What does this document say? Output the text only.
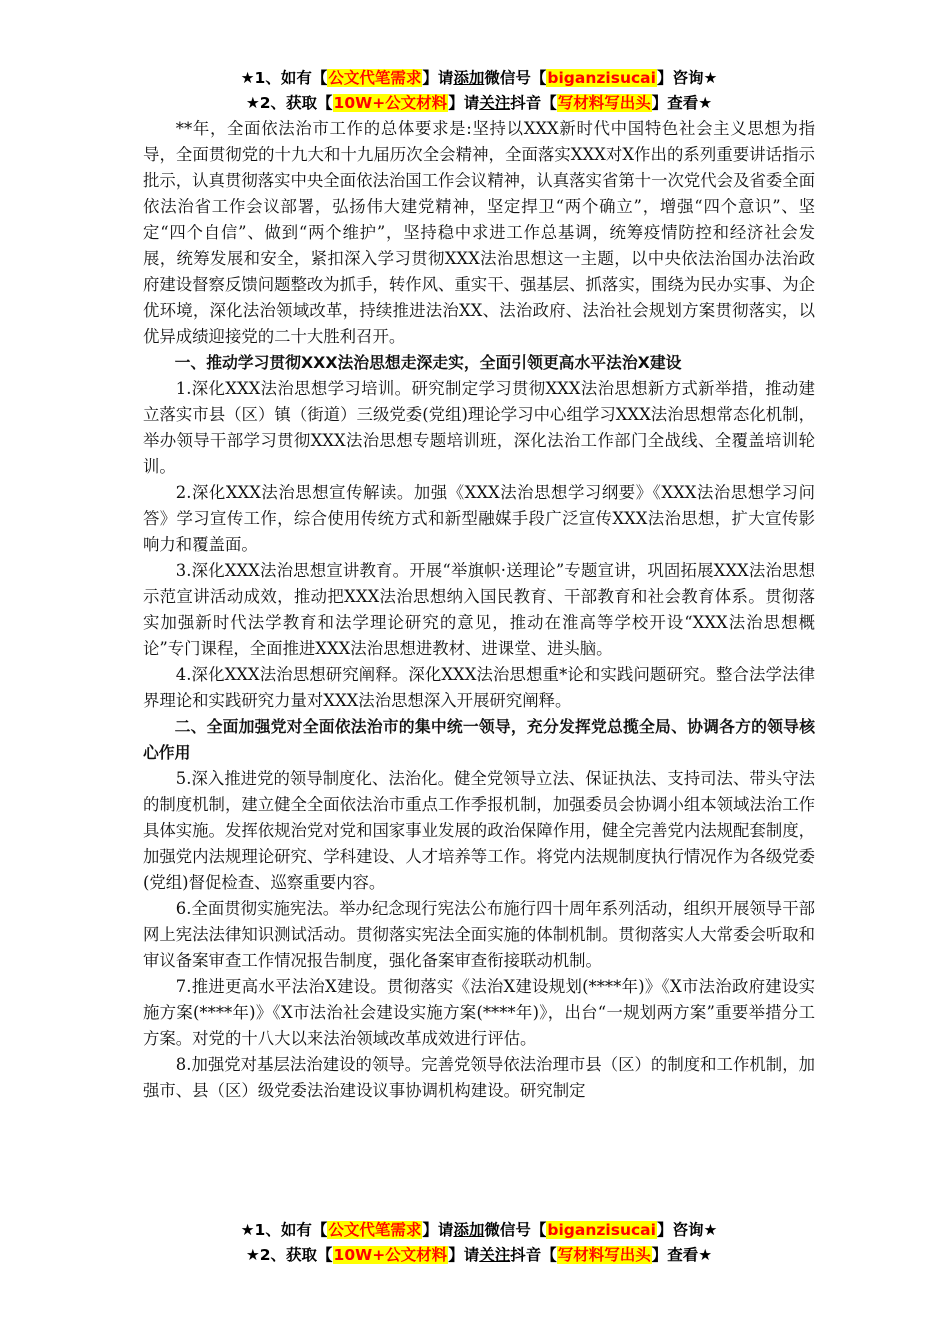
★1、如有【公文代笔需求】请添加微信号【biganzisucai】咨询★
★2、获取【10W+公文材料】请关注抖音【写材料写出头】查看★

**年，全面依法治市工作的总体要求是:坚持以XXX新时代中国特色社会主义思想为指导，全面贯彻党的十九大和十九届历次全会精神，全面落实XXX对X作出的系列重要讲话指示批示，认真贯彻落实中央全面依法治国工作会议精神，认真落实省第十一次党代会及省委全面依法治省工作会议部署，弘扬伟大建党精神，坚定捍卫“两个确立”，增强“四个意识”、坚定“四个自信”、做到“两个维护”，坚持稳中求进工作总基调，统筹疫情防控和经济社会发展，统筹发展和安全，紧扣深入学习贯彻XXX法治思想这一主题，以中央依法治国办法治政府建设督察反馈问题整改为抓手，转作风、重实干、强基层、抓落实，围绕为民办实事、为企优环境，深化法治领域改革，持续推进法治XX、法治政府、法治社会规划方案贯彻落实，以优异成绩迎接党的二十大胜利召开。

一、推动学习贯彻XXX法治思想走深走实，全面引领更高水平法治X建设

1.深化XXX法治思想学习培训。研究制定学习贯彻XXX法治思想新方式新举措，推动建立落实市县（区）镇（街道）三级党委(党组)理论学习中心组学习XXX法治思想常态化机制，举办领导干部学习贯彻XXX法治思想专题培训班，深化法治工作部门全战线、全覆盖培训轮训。

2.深化XXX法治思想宣传解读。加强《XXX法治思想学习纲要》《XXX法治思想学习问答》学习宣传工作，综合使用传统方式和新型融媒手段广泛宣传XXX法治思想，扩大宣传影响力和覆盖面。

3.深化XXX法治思想宣讲教育。开展“举旗帜·送理论”专题宣讲，巩固拓展XXX法治思想示范宣讲活动成效，推动把XXX法治思想纳入国民教育、干部教育和社会教育体系。贯彻落实加强新时代法学教育和法学理论研究的意见，推动在淮高等学校开设“XXX法治思想概论”专门课程，全面推进XXX法治思想进教材、进课堂、进头脑。

4.深化XXX法治思想研究阐释。深化XXX法治思想重*论和实践问题研究。整合法学法律界理论和实践研究力量对XXX法治思想深入开展研究阐释。

二、全面加强党对全面依法治市的集中统一领导，充分发挥党总揽全局、协调各方的领导核心作用

5.深入推进党的领导制度化、法治化。健全党领导立法、保证执法、支持司法、带头守法的制度机制，建立健全全面依法治市重点工作季报机制，加强委员会协调小组本领域法治工作具体实施。发挥依规治党对党和国家事业发展的政治保障作用，健全完善党内法规配套制度，加强党内法规理论研究、学科建设、人才培养等工作。将党内法规制度执行情况作为各级党委(党组)督促检查、巡察重要内容。

6.全面贯彻实施宪法。举办纪念现行宪法公布施行四十周年系列活动，组织开展领导干部网上宪法法律知识测试活动。贯彻落实宪法全面实施的体制机制。贯彻落实人大常委会听取和审议备案审查工作情况报告制度，强化备案审查衔接联动机制。

7.推进更高水平法治X建设。贯彻落实《法治X建设规划(****年)》《X市法治政府建设实施方案(****年)》《X市法治社会建设实施方案(****年)》，出台“一规划两方案”重要举措分工方案。对党的十八大以来法治领域改革成效进行评估。

8.加强党对基层法治建设的领导。完善党领导依法治理市县（区）的制度和工作机制，加强市、县（区）级党委法治建设议事协调机构建设。研究制定

★1、如有【公文代笔需求】请添加微信号【biganzisucai】咨询★
★2、获取【10W+公文材料】请关注抖音【写材料写出头】查看★
